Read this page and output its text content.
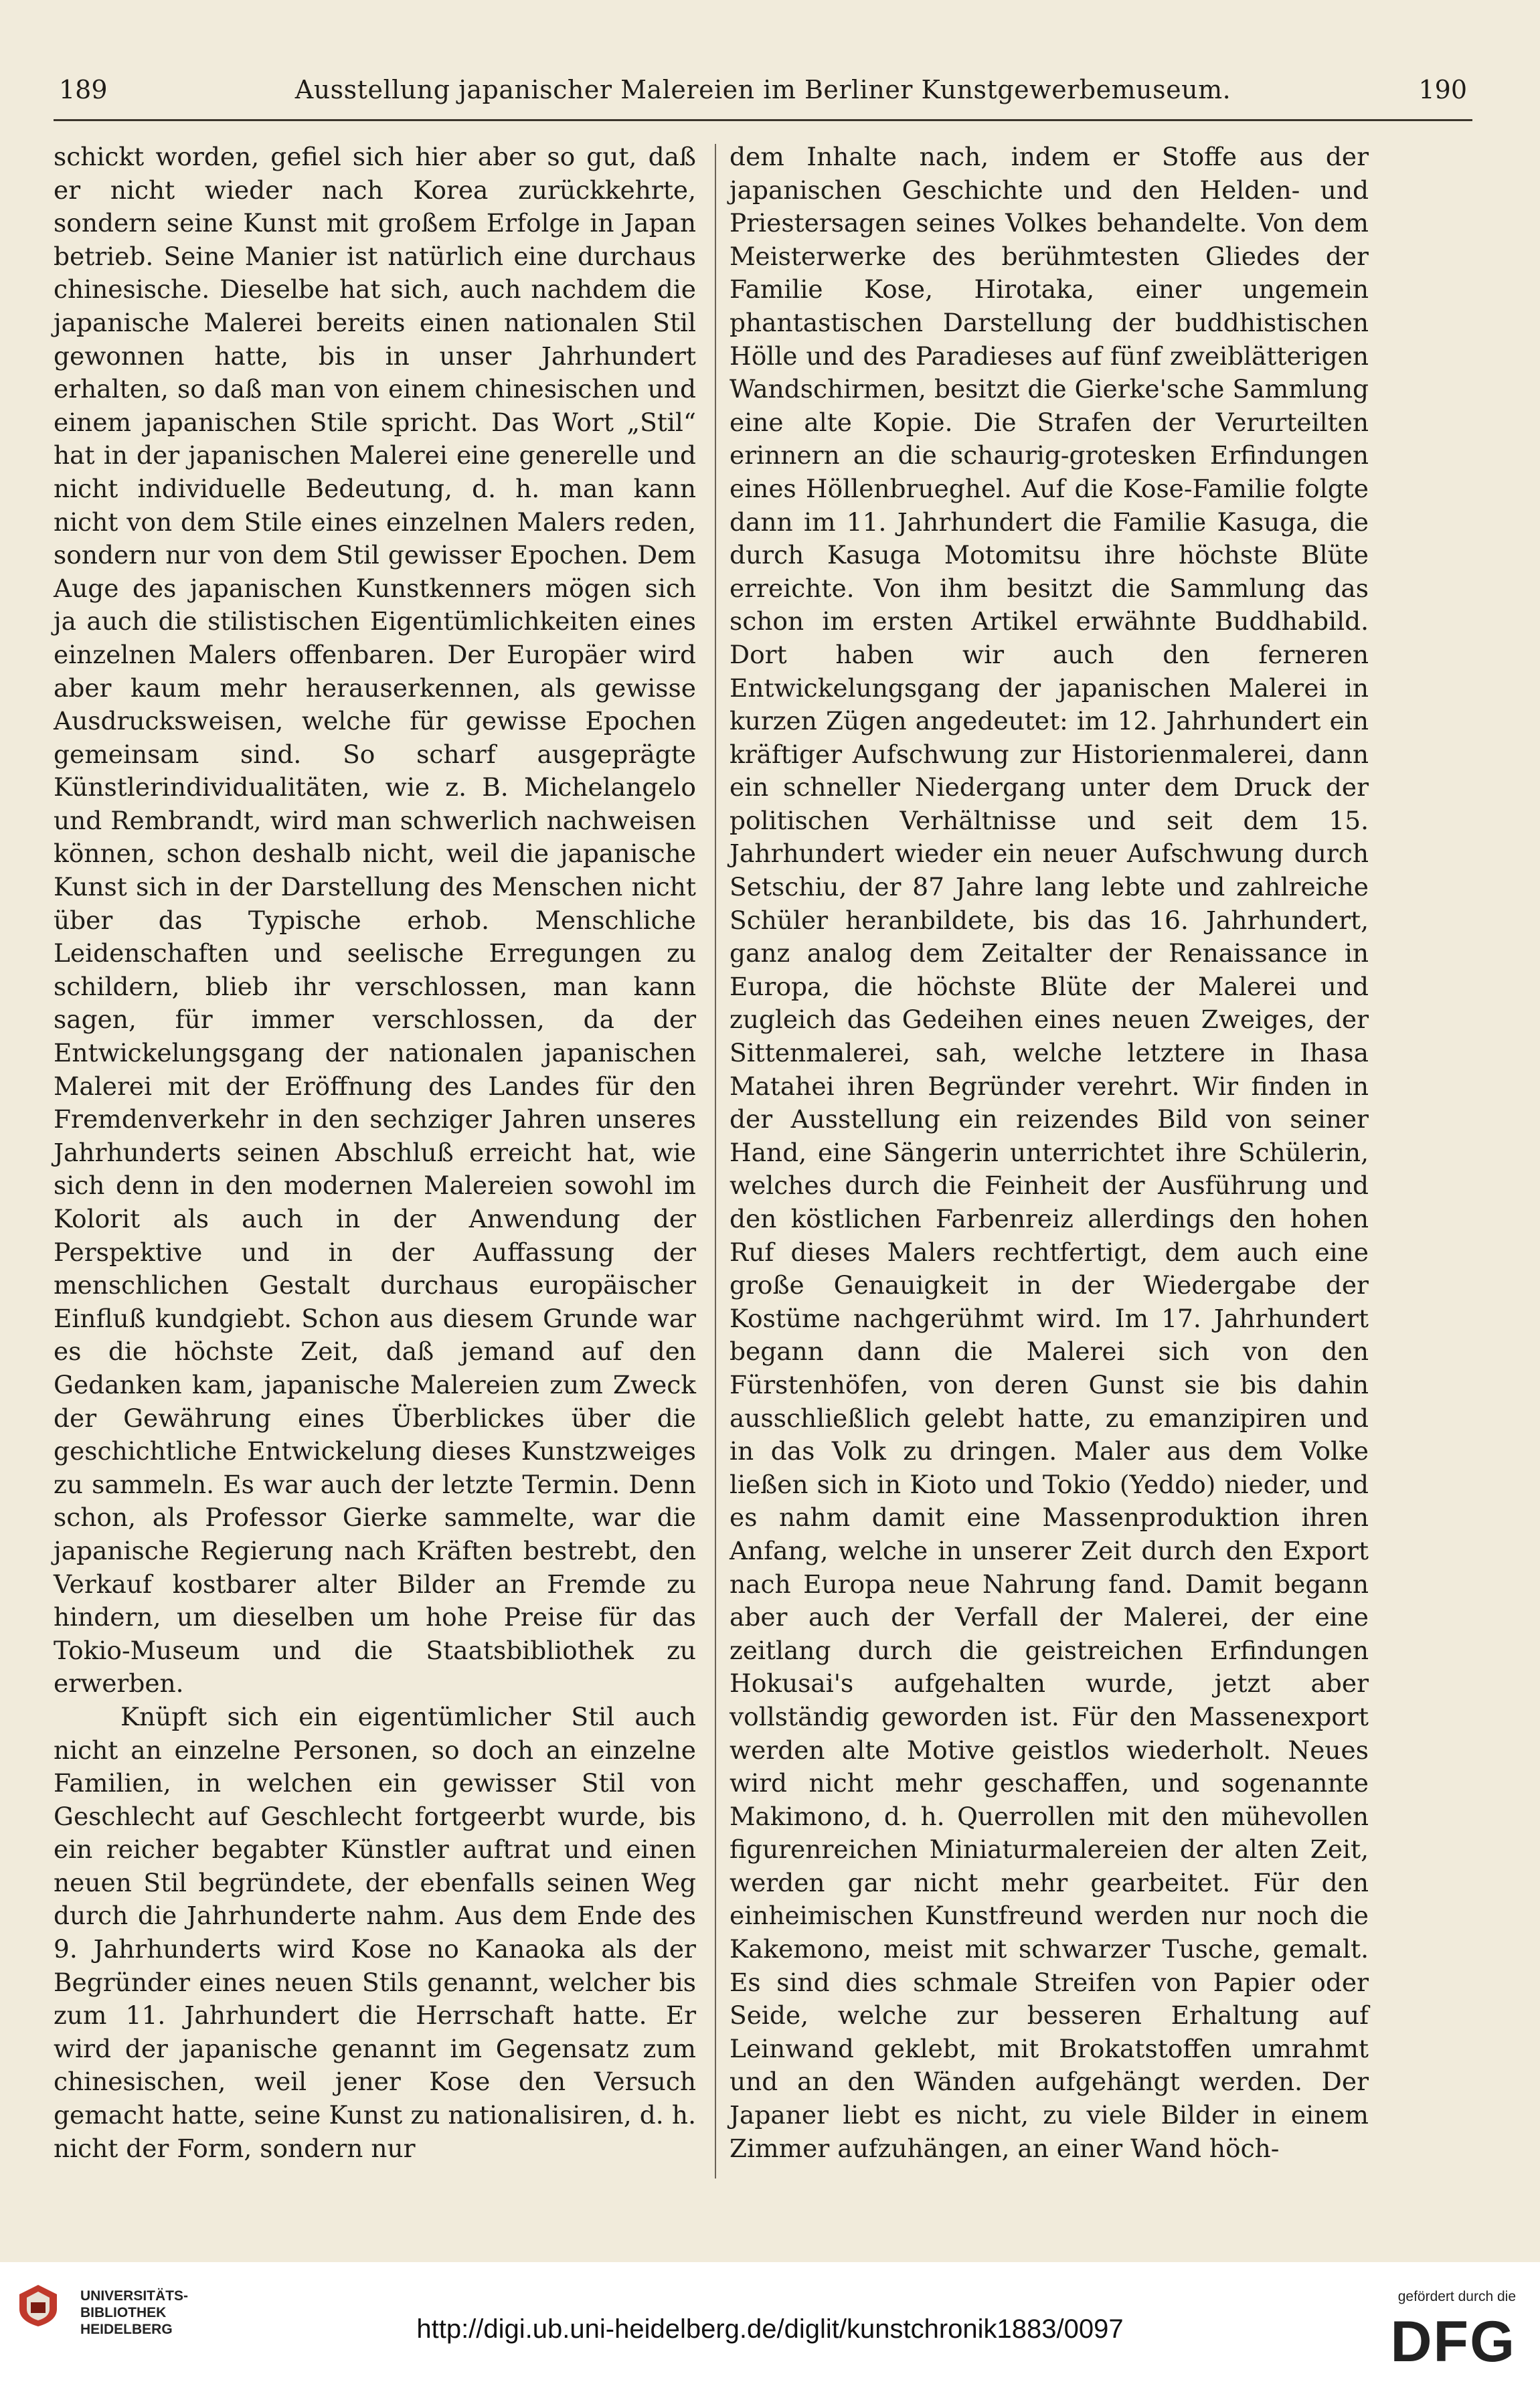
189	Ausstellung japanischer Malereien im Berliner Kunstgewerbemuseum.	190

schickt worden, gefiel sich hier aber so gut, daß er nicht wieder nach Korea zurückkehrte, sondern seine Kunst mit großem Erfolge in Japan betrieb. Seine Manier ist natürlich eine durchaus chinesische. Dieselbe hat sich, auch nachdem die japanische Malerei bereits einen nationalen Stil gewonnen hatte, bis in unser Jahrhundert erhalten, so daß man von einem chinesischen und einem japanischen Stile spricht. Das Wort „Stil“ hat in der japanischen Malerei eine generelle und nicht individuelle Bedeutung, d. h. man kann nicht von dem Stile eines einzelnen Malers reden, sondern nur von dem Stil gewisser Epochen. Dem Auge des japanischen Kunstkenners mögen sich ja auch die stilistischen Eigentümlichkeiten eines einzelnen Malers offenbaren. Der Europäer wird aber kaum mehr herauserkennen, als gewisse Ausdrucksweisen, welche für gewisse Epochen gemeinsam sind. So scharf ausgeprägte Künstlerindividualitäten, wie z. B. Michelangelo und Rembrandt, wird man schwerlich nachweisen können, schon deshalb nicht, weil die japanische Kunst sich in der Darstellung des Menschen nicht über das Typische erhob. Menschliche Leidenschaften und seelische Erregungen zu schildern, blieb ihr verschlossen, man kann sagen, für immer verschlossen, da der Entwickelungsgang der nationalen japanischen Malerei mit der Eröffnung des Landes für den Fremdenverkehr in den sechziger Jahren unseres Jahrhunderts seinen Abschluß erreicht hat, wie sich denn in den modernen Malereien sowohl im Kolorit als auch in der Anwendung der Perspektive und in der Auffassung der menschlichen Gestalt durchaus europäischer Einfluß kundgiebt. Schon aus diesem Grunde war es die höchste Zeit, daß jemand auf den Gedanken kam, japanische Malereien zum Zweck der Gewährung eines Überblickes über die geschichtliche Entwickelung dieses Kunstzweiges zu sammeln. Es war auch der letzte Termin. Denn schon, als Professor Gierke sammelte, war die japanische Regierung nach Kräften bestrebt, den Verkauf kostbarer alter Bilder an Fremde zu hindern, um dieselben um hohe Preise für das Tokio-Museum und die Staatsbibliothek zu erwerben.

Knüpft sich ein eigentümlicher Stil auch nicht an einzelne Personen, so doch an einzelne Familien, in welchen ein gewisser Stil von Geschlecht auf Geschlecht fortgeerbt wurde, bis ein reicher begabter Künstler auftrat und einen neuen Stil begründete, der ebenfalls seinen Weg durch die Jahrhunderte nahm. Aus dem Ende des 9. Jahrhunderts wird Kose no Kanaoka als der Begründer eines neuen Stils genannt, welcher bis zum 11. Jahrhundert die Herrschaft hatte. Er wird der japanische genannt im Gegensatz zum chinesischen, weil jener Kose den Versuch gemacht hatte, seine Kunst zu nationalisiren, d. h. nicht der Form, sondern nur

dem Inhalte nach, indem er Stoffe aus der japanischen Geschichte und den Helden- und Priestersagen seines Volkes behandelte. Von dem Meisterwerke des berühmtesten Gliedes der Familie Kose, Hirotaka, einer ungemein phantastischen Darstellung der buddhistischen Hölle und des Paradieses auf fünf zweiblätterigen Wandschirmen, besitzt die Gierke'sche Sammlung eine alte Kopie. Die Strafen der Verurteilten erinnern an die schaurig-grotesken Erfindungen eines Höllenbrueghel. Auf die Kose-Familie folgte dann im 11. Jahrhundert die Familie Kasuga, die durch Kasuga Motomitsu ihre höchste Blüte erreichte. Von ihm besitzt die Sammlung das schon im ersten Artikel erwähnte Buddhabild. Dort haben wir auch den ferneren Entwickelungsgang der japanischen Malerei in kurzen Zügen angedeutet: im 12. Jahrhundert ein kräftiger Aufschwung zur Historienmalerei, dann ein schneller Niedergang unter dem Druck der politischen Verhältnisse und seit dem 15. Jahrhundert wieder ein neuer Aufschwung durch Setschiu, der 87 Jahre lang lebte und zahlreiche Schüler heranbildete, bis das 16. Jahrhundert, ganz analog dem Zeitalter der Renaissance in Europa, die höchste Blüte der Malerei und zugleich das Gedeihen eines neuen Zweiges, der Sittenmalerei, sah, welche letztere in Ihasa Matahei ihren Begründer verehrt. Wir finden in der Ausstellung ein reizendes Bild von seiner Hand, eine Sängerin unterrichtet ihre Schülerin, welches durch die Feinheit der Ausführung und den köstlichen Farbenreiz allerdings den hohen Ruf dieses Malers rechtfertigt, dem auch eine große Genauigkeit in der Wiedergabe der Kostüme nachgerühmt wird. Im 17. Jahrhundert begann dann die Malerei sich von den Fürstenhöfen, von deren Gunst sie bis dahin ausschließlich gelebt hatte, zu emanzipiren und in das Volk zu dringen. Maler aus dem Volke ließen sich in Kioto und Tokio (Yeddo) nieder, und es nahm damit eine Massenproduktion ihren Anfang, welche in unserer Zeit durch den Export nach Europa neue Nahrung fand. Damit begann aber auch der Verfall der Malerei, der eine zeitlang durch die geistreichen Erfindungen Hokusai's aufgehalten wurde, jetzt aber vollständig geworden ist. Für den Massenexport werden alte Motive geistlos wiederholt. Neues wird nicht mehr geschaffen, und sogenannte Makimono, d. h. Querrollen mit den mühevollen figurenreichen Miniaturmalereien der alten Zeit, werden gar nicht mehr gearbeitet. Für den einheimischen Kunstfreund werden nur noch die Kakemono, meist mit schwarzer Tusche, gemalt. Es sind dies schmale Streifen von Papier oder Seide, welche zur besseren Erhaltung auf Leinwand geklebt, mit Brokatstoffen umrahmt und an den Wänden aufgehängt werden. Der Japaner liebt es nicht, zu viele Bilder in einem Zimmer aufzuhängen, an einer Wand höch-

UNIVERSITÄTS-
BIBLIOTHEK
HEIDELBERG	http://digi.ub.uni-heidelberg.de/diglit/kunstchronik1883/0097
gefördert durch die
DFG
